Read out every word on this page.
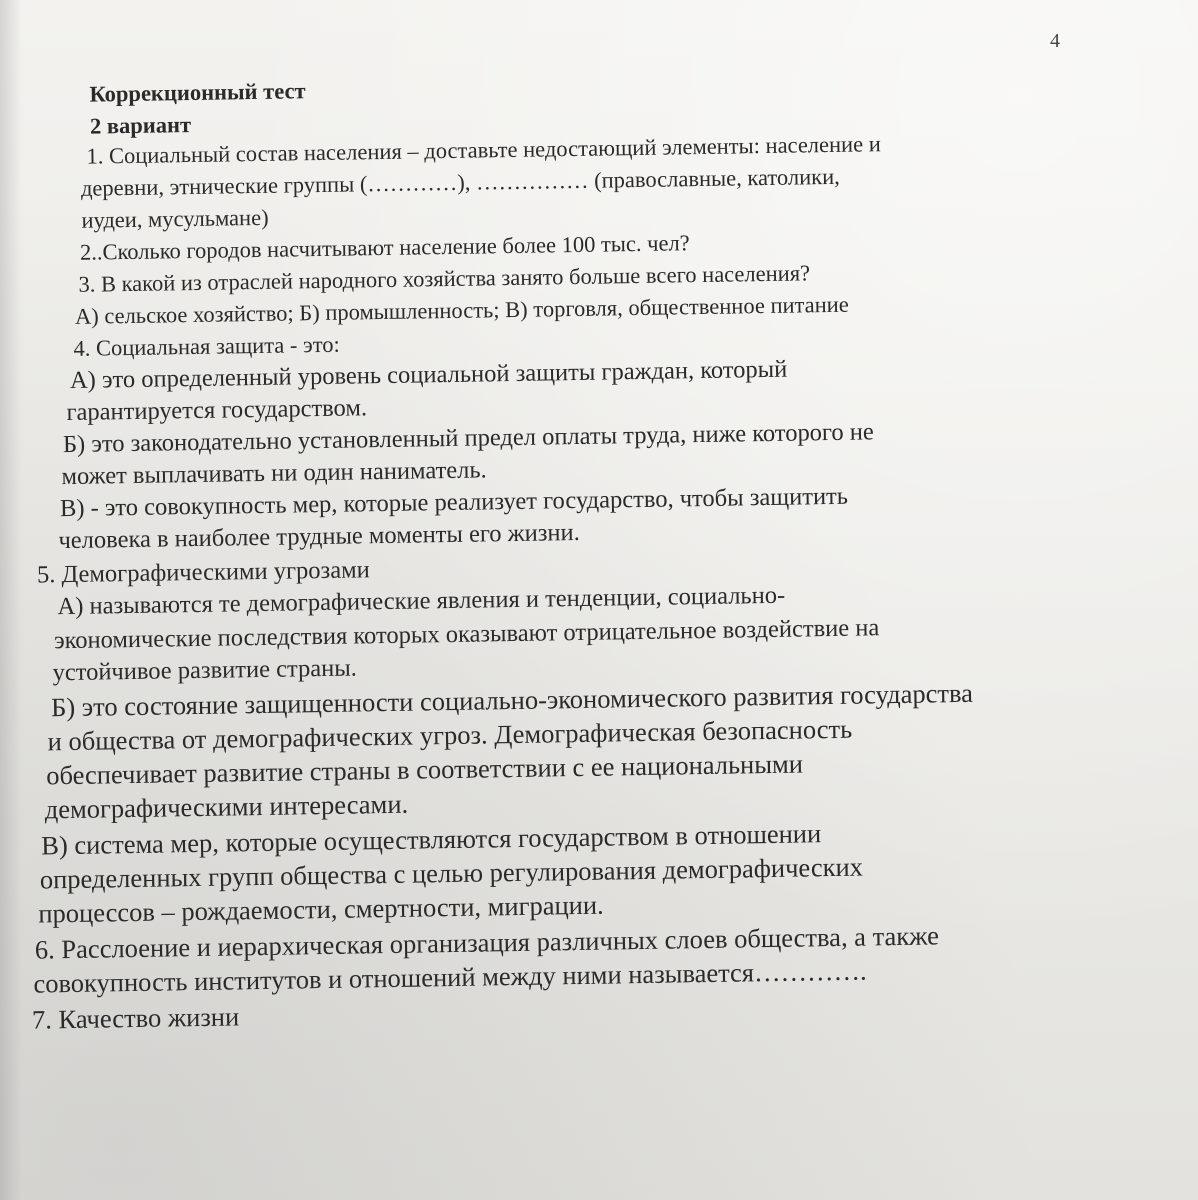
4
Коррекционный тест
2 вариант
1. Социальный состав населения – доставьте недостающий элементы: население и
деревни, этнические группы (…………), …………… (православные, католики,
иудеи, мусульмане)
2..Сколько городов насчитывают население более 100 тыс. чел?
3. В какой из отраслей народного хозяйства занято больше всего населения?
А) сельское хозяйство; Б) промышленность; В) торговля, общественное питание
4. Социальная защита - это:
А) это определенный уровень социальной защиты граждан, который
гарантируется государством.
Б) это законодательно установленный предел оплаты труда, ниже которого не
может выплачивать ни один наниматель.
В) - это совокупность мер, которые реализует государство, чтобы защитить
человека в наиболее трудные моменты его жизни.
5. Демографическими угрозами
А) называются те демографические явления и тенденции, социально-
экономические последствия которых оказывают отрицательное воздействие на
устойчивое развитие страны.
Б) это состояние защищенности социально-экономического развития государства
и общества от демографических угроз. Демографическая безопасность
обеспечивает развитие страны в соответствии с ее национальными
демографическими интересами.
В) система мер, которые осуществляются государством в отношении
определенных групп общества с целью регулирования демографических
процессов – рождаемости, смертности, миграции.
6. Расслоение и иерархическая организация различных слоев общества, а также
совокупность институтов и отношений между ними называется………….
7. Качество жизни
